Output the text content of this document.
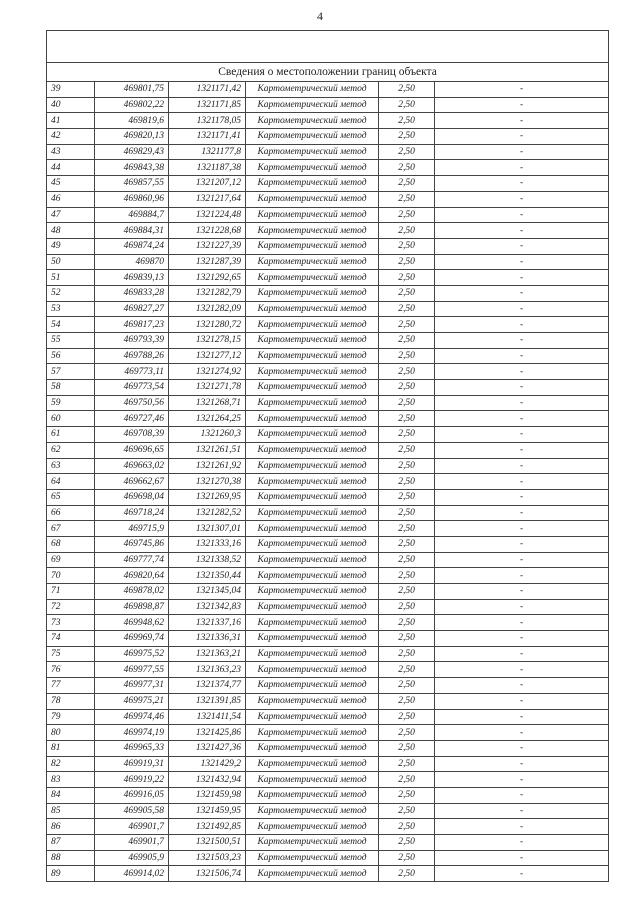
4

Сведения о местоположении границ объекта					
39	469801,75	1321171,42	Картометрический метод	2,50	-
40	469802,22	1321171,85	Картометрический метод	2,50	-
41	469819,6	1321178,05	Картометрический метод	2,50	-
42	469820,13	1321171,41	Картометрический метод	2,50	-
43	469829,43	1321177,8	Картометрический метод	2,50	-
44	469843,38	1321187,38	Картометрический метод	2,50	-
45	469857,55	1321207,12	Картометрический метод	2,50	-
46	469860,96	1321217,64	Картометрический метод	2,50	-
47	469884,7	1321224,48	Картометрический метод	2,50	-
48	469884,31	1321228,68	Картометрический метод	2,50	-
49	469874,24	1321227,39	Картометрический метод	2,50	-
50	469870	1321287,39	Картометрический метод	2,50	-
51	469839,13	1321292,65	Картометрический метод	2,50	-
52	469833,28	1321282,79	Картометрический метод	2,50	-
53	469827,27	1321282,09	Картометрический метод	2,50	-
54	469817,23	1321280,72	Картометрический метод	2,50	-
55	469793,39	1321278,15	Картометрический метод	2,50	-
56	469788,26	1321277,12	Картометрический метод	2,50	-
57	469773,11	1321274,92	Картометрический метод	2,50	-
58	469773,54	1321271,78	Картометрический метод	2,50	-
59	469750,56	1321268,71	Картометрический метод	2,50	-
60	469727,46	1321264,25	Картометрический метод	2,50	-
61	469708,39	1321260,3	Картометрический метод	2,50	-
62	469696,65	1321261,51	Картометрический метод	2,50	-
63	469663,02	1321261,92	Картометрический метод	2,50	-
64	469662,67	1321270,38	Картометрический метод	2,50	-
65	469698,04	1321269,95	Картометрический метод	2,50	-
66	469718,24	1321282,52	Картометрический метод	2,50	-
67	469715,9	1321307,01	Картометрический метод	2,50	-
68	469745,86	1321333,16	Картометрический метод	2,50	-
69	469777,74	1321338,52	Картометрический метод	2,50	-
70	469820,64	1321350,44	Картометрический метод	2,50	-
71	469878,02	1321345,04	Картометрический метод	2,50	-
72	469898,87	1321342,83	Картометрический метод	2,50	-
73	469948,62	1321337,16	Картометрический метод	2,50	-
74	469969,74	1321336,31	Картометрический метод	2,50	-
75	469975,52	1321363,21	Картометрический метод	2,50	-
76	469977,55	1321363,23	Картометрический метод	2,50	-
77	469977,31	1321374,77	Картометрический метод	2,50	-
78	469975,21	1321391,85	Картометрический метод	2,50	-
79	469974,46	1321411,54	Картометрический метод	2,50	-
80	469974,19	1321425,86	Картометрический метод	2,50	-
81	469965,33	1321427,36	Картометрический метод	2,50	-
82	469919,31	1321429,2	Картометрический метод	2,50	-
83	469919,22	1321432,94	Картометрический метод	2,50	-
84	469916,05	1321459,98	Картометрический метод	2,50	-
85	469905,58	1321459,95	Картометрический метод	2,50	-
86	469901,7	1321492,85	Картометрический метод	2,50	-
87	469901,7	1321500,51	Картометрический метод	2,50	-
88	469905,9	1321503,23	Картометрический метод	2,50	-
89	469914,02	1321506,74	Картометрический метод	2,50	-
